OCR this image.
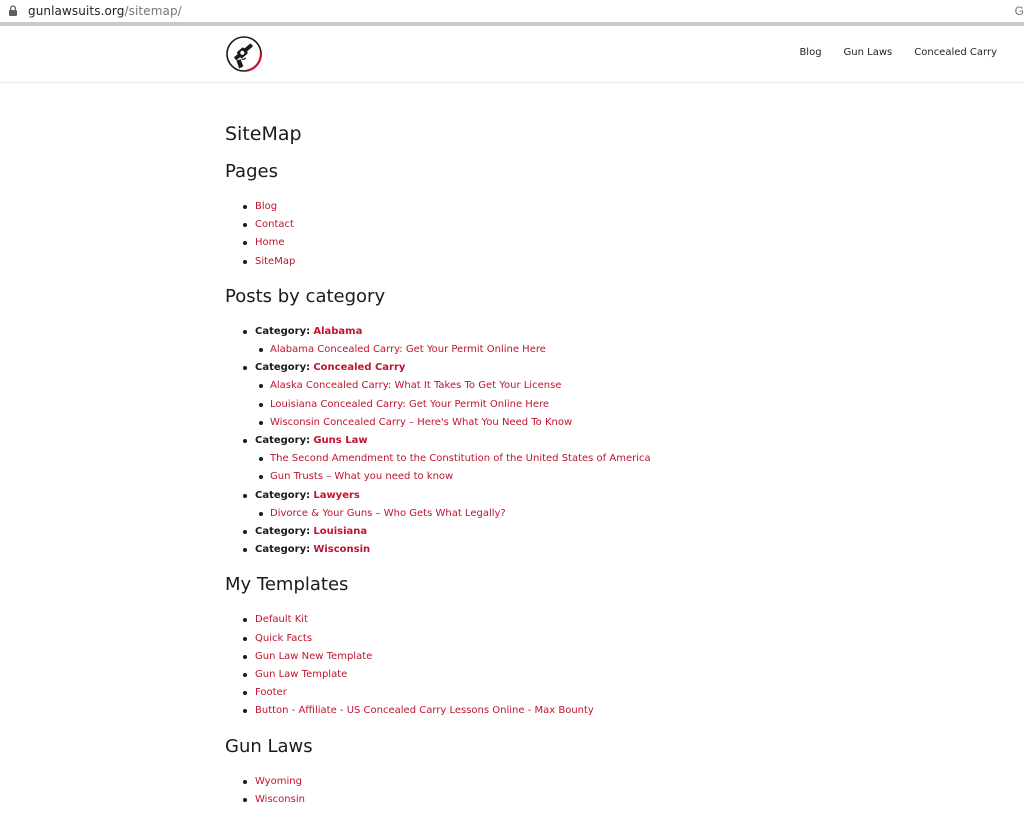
gunlawsuits.org/sitemap/	G
Blog Gun Laws Concealed Carry
SiteMap
Pages
Blog
Contact
Home
SiteMap
Posts by category
Category: Alabama
Alabama Concealed Carry: Get Your Permit Online Here
Category: Concealed Carry
Alaska Concealed Carry: What It Takes To Get Your License
Louisiana Concealed Carry: Get Your Permit Online Here
Wisconsin Concealed Carry – Here's What You Need To Know
Category: Guns Law
The Second Amendment to the Constitution of the United States of America
Gun Trusts – What you need to know
Category: Lawyers
Divorce & Your Guns – Who Gets What Legally?
Category: Louisiana
Category: Wisconsin
My Templates
Default Kit
Quick Facts
Gun Law New Template
Gun Law Template
Footer
Button - Affiliate - US Concealed Carry Lessons Online - Max Bounty
Gun Laws
Wyoming
Wisconsin
